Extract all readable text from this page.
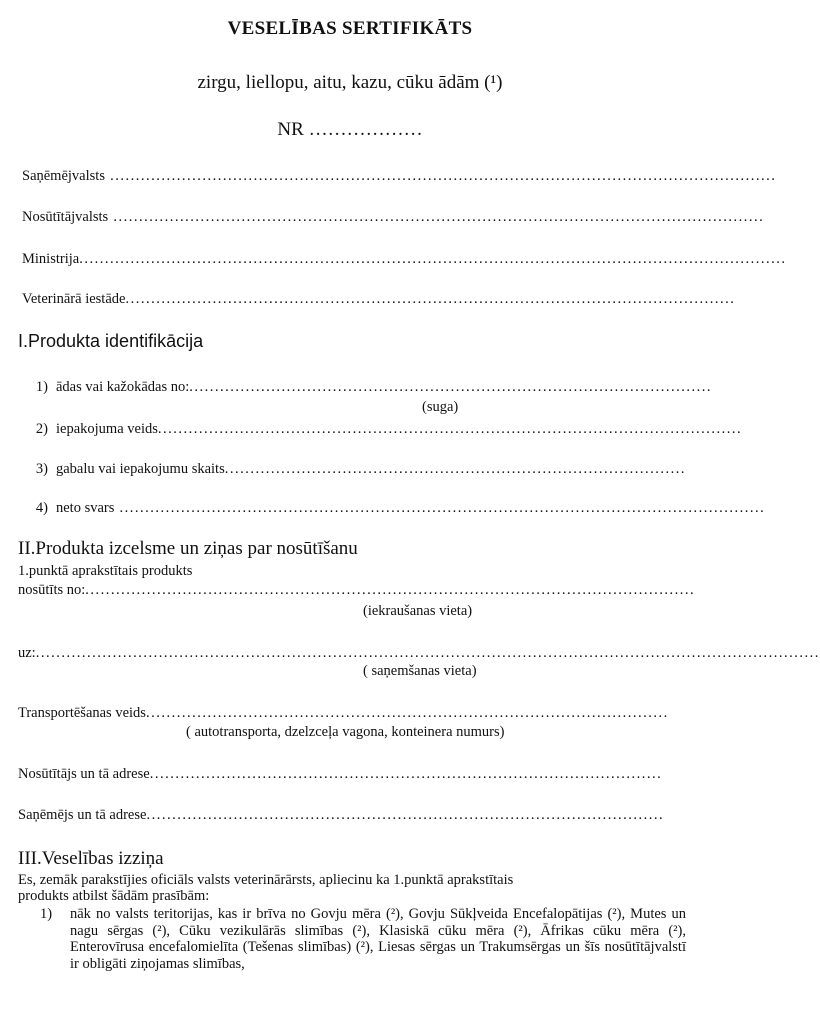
VESELĪBAS SERTIFIKĀTS
zirgu, liellopu, aitu, kazu, cūku ādām (¹)
NR ………………
Saņēmējvalsts ..................................................................................................................................
Nosūtītājvalsts ...............................................................................................................................
Ministrija..........................................................................................................................................
Veterinārā iestāde.......................................................................................................................
I.Produkta identifikācija
1) ādas vai kažokādas no:......................................................................................................
(suga)
2) iepakojuma veids..................................................................................................................
3) gabalu vai iepakojumu skaits..........................................................................................
4) neto svars ..............................................................................................................................
II.Produkta izcelsme un ziņas par nosūtīšanu
1.punktā aprakstītais produkts
nosūtīts no:.......................................................................................................................
(iekraušanas vieta)
uz:.........................................................................................................................................................
( saņemšanas vieta)
Transportēšanas veids......................................................................................................
( autotransporta, dzelzceļa vagona, konteinera numurs)
Nosūtītājs un tā adrese....................................................................................................
Saņēmējs un tā adrese.....................................................................................................
III.Veselības izziņa
Es, zemāk parakstījies oficiāls valsts veterinārārsts, apliecinu ka 1.punktā aprakstītais
produkts atbilst šādām prasībām:
1) nāk no valsts teritorijas, kas ir brīva no Govju mēra (²), Govju Sūkļveida Encefalopātijas (²), Mutes un nagu sērgas (²), Cūku vezikulārās slimības (²), Klasiskā cūku mēra (²), Āfrikas cūku mēra (²), Enterovīrusa encefalomielīta (Tešenas slimības) (²), Liesas sērgas un Trakumsērgas un šīs nosūtītājvalstī ir obligāti ziņojamas slimības,
